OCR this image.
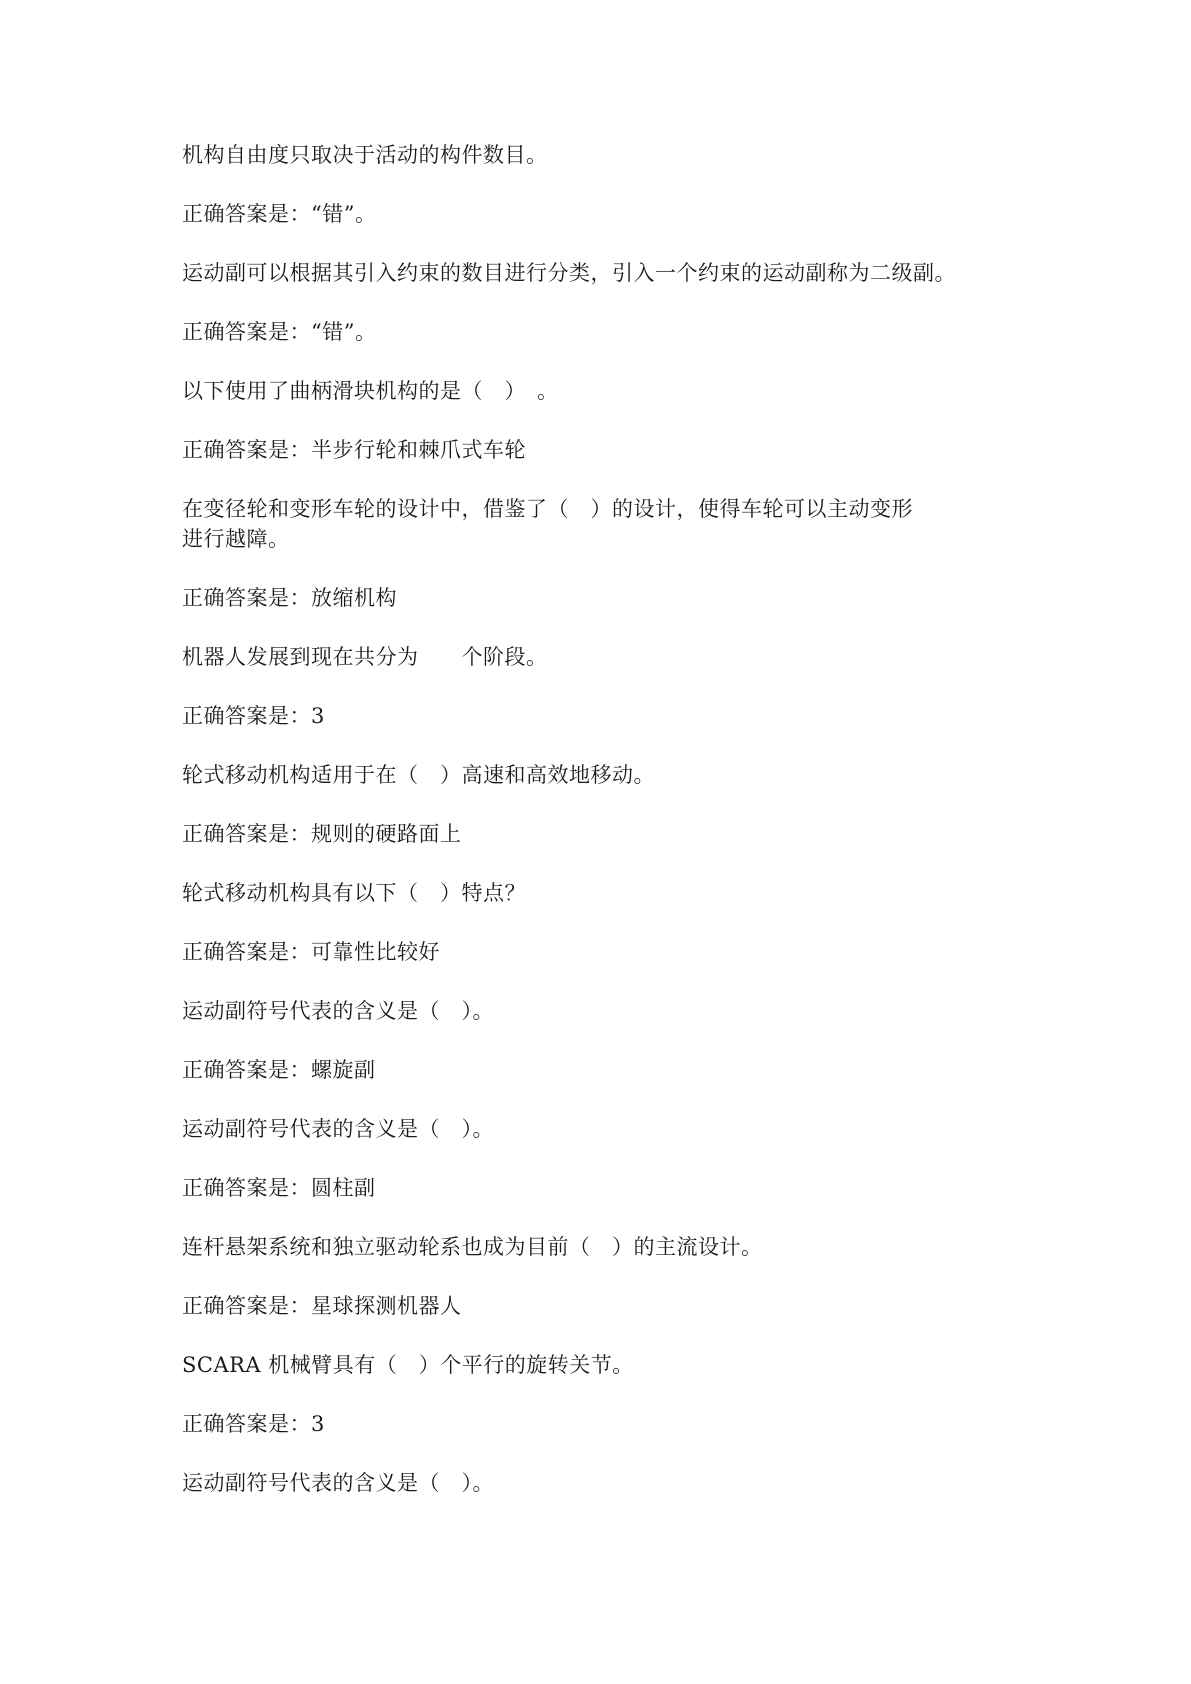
机构自由度只取决于活动的构件数目。

正确答案是：“错”。

运动副可以根据其引入约束的数目进行分类，引入一个约束的运动副称为二级副。

正确答案是：“错”。

以下使用了曲柄滑块机构的是（　）　。

正确答案是：半步行轮和棘爪式车轮

在变径轮和变形车轮的设计中，借鉴了（　）的设计，使得车轮可以主动变形
进行越障。

正确答案是：放缩机构

机器人发展到现在共分为　　个阶段。

正确答案是：3

轮式移动机构适用于在（　）高速和高效地移动。

正确答案是：规则的硬路面上

轮式移动机构具有以下（　）特点？

正确答案是：可靠性比较好

运动副符号代表的含义是（　）。

正确答案是：螺旋副

运动副符号代表的含义是（　）。

正确答案是：圆柱副

连杆悬架系统和独立驱动轮系也成为目前（　）的主流设计。

正确答案是：星球探测机器人

SCARA 机械臂具有（　）个平行的旋转关节。

正确答案是：3

运动副符号代表的含义是（　）。
